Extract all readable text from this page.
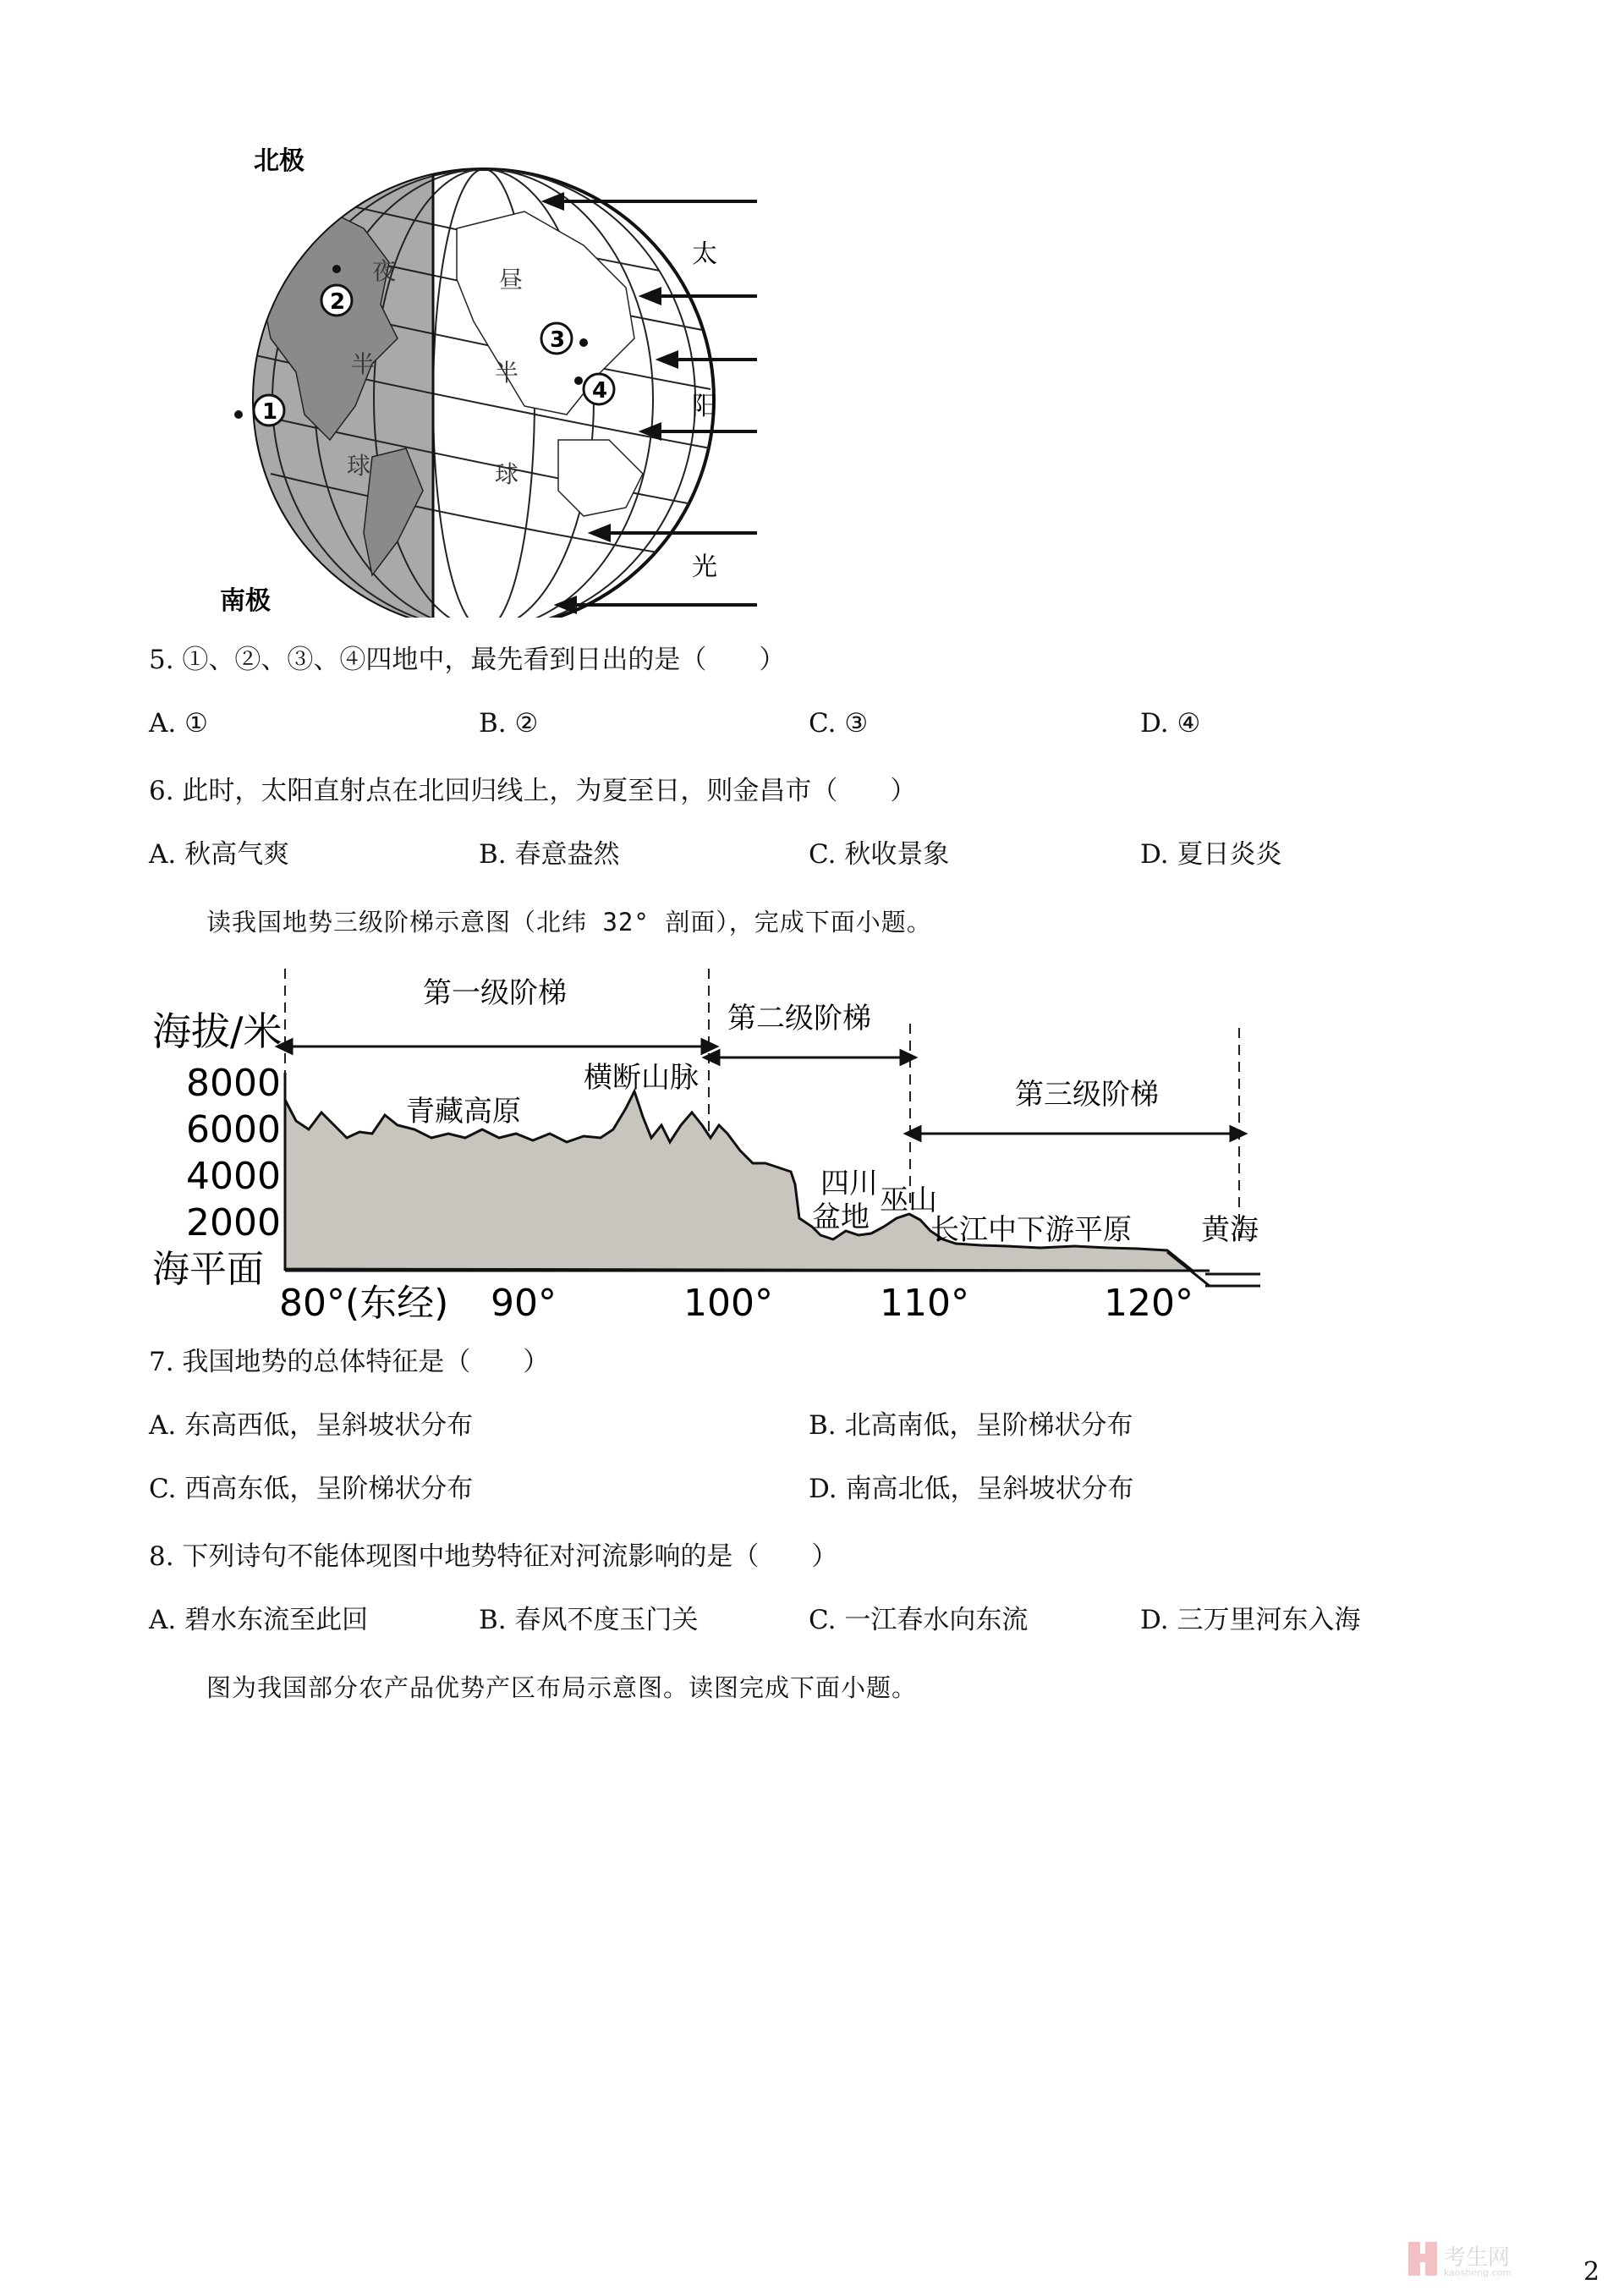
北极
南极
夜
半
球
昼
半
球
1
2
3
4
太
阳
光
5. ①、②、③、④四地中，最先看到日出的是（　　）
A. ①	B. ②	C. ③	D. ④
6. 此时，太阳直射点在北回归线上，为夏至日，则金昌市（　　）
A. 秋高气爽	B. 春意盎然	C. 秋收景象	D. 夏日炎炎
读我国地势三级阶梯示意图（北纬 32° 剖面），完成下面小题。
第一级阶梯
第二级阶梯
第三级阶梯
海拔/米
8000
6000
4000
2000
海平面
青藏高原
横断山脉
四川
盆地 巫山
长江中下游平原 黄海
80°(东经) 90°	100°	110°	120°
7. 我国地势的总体特征是（　　）
A. 东高西低，呈斜坡状分布	B. 北高南低，呈阶梯状分布
C. 西高东低，呈阶梯状分布	D. 南高北低，呈斜坡状分布
8. 下列诗句不能体现图中地势特征对河流影响的是（　　）
A. 碧水东流至此回	B. 春风不度玉门关	C. 一江春水向东流	D. 三万里河东入海
图为我国部分农产品优势产区布局示意图。读图完成下面小题。
考生网
kaosheng.com	2
